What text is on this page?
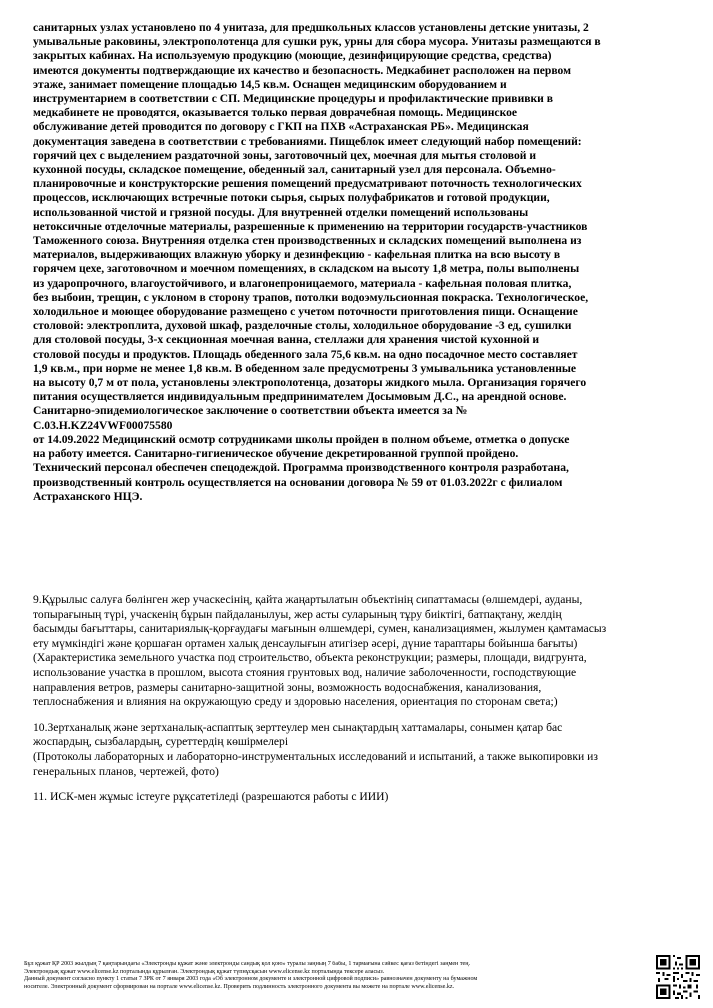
санитарных узлах установлено по 4 унитаза, для предшкольных классов установлены детские унитазы, 2

умывальные раковины, электрополотенца для сушки рук, урны для сбора мусора. Унитазы размещаются в

закрытых кабинах. На используемую продукцию (моющие, дезинфицирующие средства, средства)

имеются документы подтверждающие их качество и безопасность. Медкабинет расположен на первом

этаже, занимает помещение площадью 14,5 кв.м. Оснащен медицинским оборудованием и

инструментарием в соответствии с СП. Медицинские процедуры и профилактические прививки в

медкабинете не проводятся, оказывается только первая доврачебная помощь. Медицинское

обслуживание детей проводится по договору с ГКП на ПХВ «Астраханская РБ». Медицинская

документация заведена в соответствии с требованиями. Пищеблок имеет следующий набор помещений:

горячий цех с выделением раздаточной зоны, заготовочный цех, моечная для мытья столовой и

кухонной посуды, складское помещение, обеденный зал, санитарный узел для персонала. Объемно-

планировочные и конструкторские решения помещений предусматривают поточность технологических

процессов, исключающих встречные потоки сырья, сырых полуфабрикатов и готовой продукции,

использованной чистой и грязной посуды. Для внутренней отделки помещений использованы

нетоксичные отделочные материалы, разрешенные к применению на территории государств-участников

Таможенного союза. Внутренняя отделка стен производственных и складских помещений выполнена из

материалов, выдерживающих влажную уборку и дезинфекцию - кафельная плитка на всю высоту в

горячем цехе, заготовочном и моечном помещениях, в складском на высоту 1,8 метра, полы выполнены

из ударопрочного, влагоустойчивого, и влагонепроницаемого, материала - кафельная половая плитка,

без выбоин, трещин, с уклоном в сторону трапов, потолки водоэмульсионная покраска. Технологическое,

холодильное и моющее оборудование размещено с учетом поточности приготовления пищи. Оснащение

столовой: электроплита, духовой шкаф, разделочные столы, холодильное оборудование -3 ед, сушилки

для столовой посуды, 3-х секционная моечная ванна, стеллажи для хранения чистой кухонной и

столовой посуды и продуктов. Площадь обеденного зала 75,6 кв.м. на одно посадочное место составляет

1,9 кв.м., при норме не менее 1,8 кв.м. В обеденном зале предусмотрены 3 умывальника установленные

на высоту 0,7 м от пола, установлены электрополотенца, дозаторы жидкого мыла. Организация горячего

питания осуществляется индивидуальным предпринимателем Досымовым Д.С., на арендной основе.

Санитарно-эпидемиологическое заключение о соответствии объекта имеется за №

С.03.Н.KZ24VWF00075580

от 14.09.2022 Медицинский осмотр сотрудниками школы пройден в полном объеме, отметка о допуске

на работу имеется. Санитарно-гигиеническое обучение декретированной группой пройдено.

Технический персонал обеспечен спецодеждой. Программа производственного контроля разработана,

производственный контроль осуществляется на основании договора № 59 от 01.03.2022г с филиалом

Астраханского НЦЭ.

9.Құрылыс салуға бөлінген жер учаскесінің, қайта жаңартылатын объектінің сипаттамасы (өлшемдері, ауданы,

топырағының түрі, учаскенің бұрын пайдаланылуы, жер асты суларының тұру биіктігі, батпақтану, желдің

басымды бағыттары, санитариялық-қорғаудағы мағынын өлшемдері, сумен, канализациямен, жылумен қамтамасыз

ету мүмкіндігі және қоршаған ортамен халық денсаулығын атигізер әсері, дүние тараптары бойынша бағыты)

(Характеристика земельного участка под строительство, объекта реконструкции; размеры, площади, видгрунта,

использование участка в прошлом, высота стояния грунтовых вод, наличие заболоченности, господствующие

направления ветров, размеры санитарно-защитной зоны, возможность водоснабжения, канализования,

теплоснабжения и влияния на окружающую среду и здоровью населения, ориентация по сторонам света;)

10.Зертханалық және зертханалық-аспаптық зерттеулер мен сынақтардың хаттамалары, сонымен қатар бас

жоспардың, сызбалардың, суреттердің көшірмелері

(Протоколы лабораторных и лабораторно-инструментальных исследований и испытаний, а также выкопировки из

генеральных планов, чертежей, фото)

11. ИСК-мен жұмыс істеуге рұқсатетіледі (разрешаются работы с ИИИ)

Бұл құжат ҚР 2003 жылдың 7 қаңтарындағы «Электронды құжат және электронды сандық қол қою» туралы заңның 7 бабы, 1 тармағына сәйкес қағаз бетіндегі заңмен тең.

Электрондық құжат www.elicense.kz порталында құрылған. Электрондық құжат түпнұсқасын www.elicense.kz порталында тексере аласыз.

Данный документ согласно пункту 1 статьи 7 ЗРК от 7 января 2003 года «Об электронном документе и электронной цифровой подписи» равнозначен документу на бумажном

носителе. Электронный документ сформирован на портале www.elicense.kz. Проверить подлинность электронного документа вы можете на портале www.elicense.kz.
